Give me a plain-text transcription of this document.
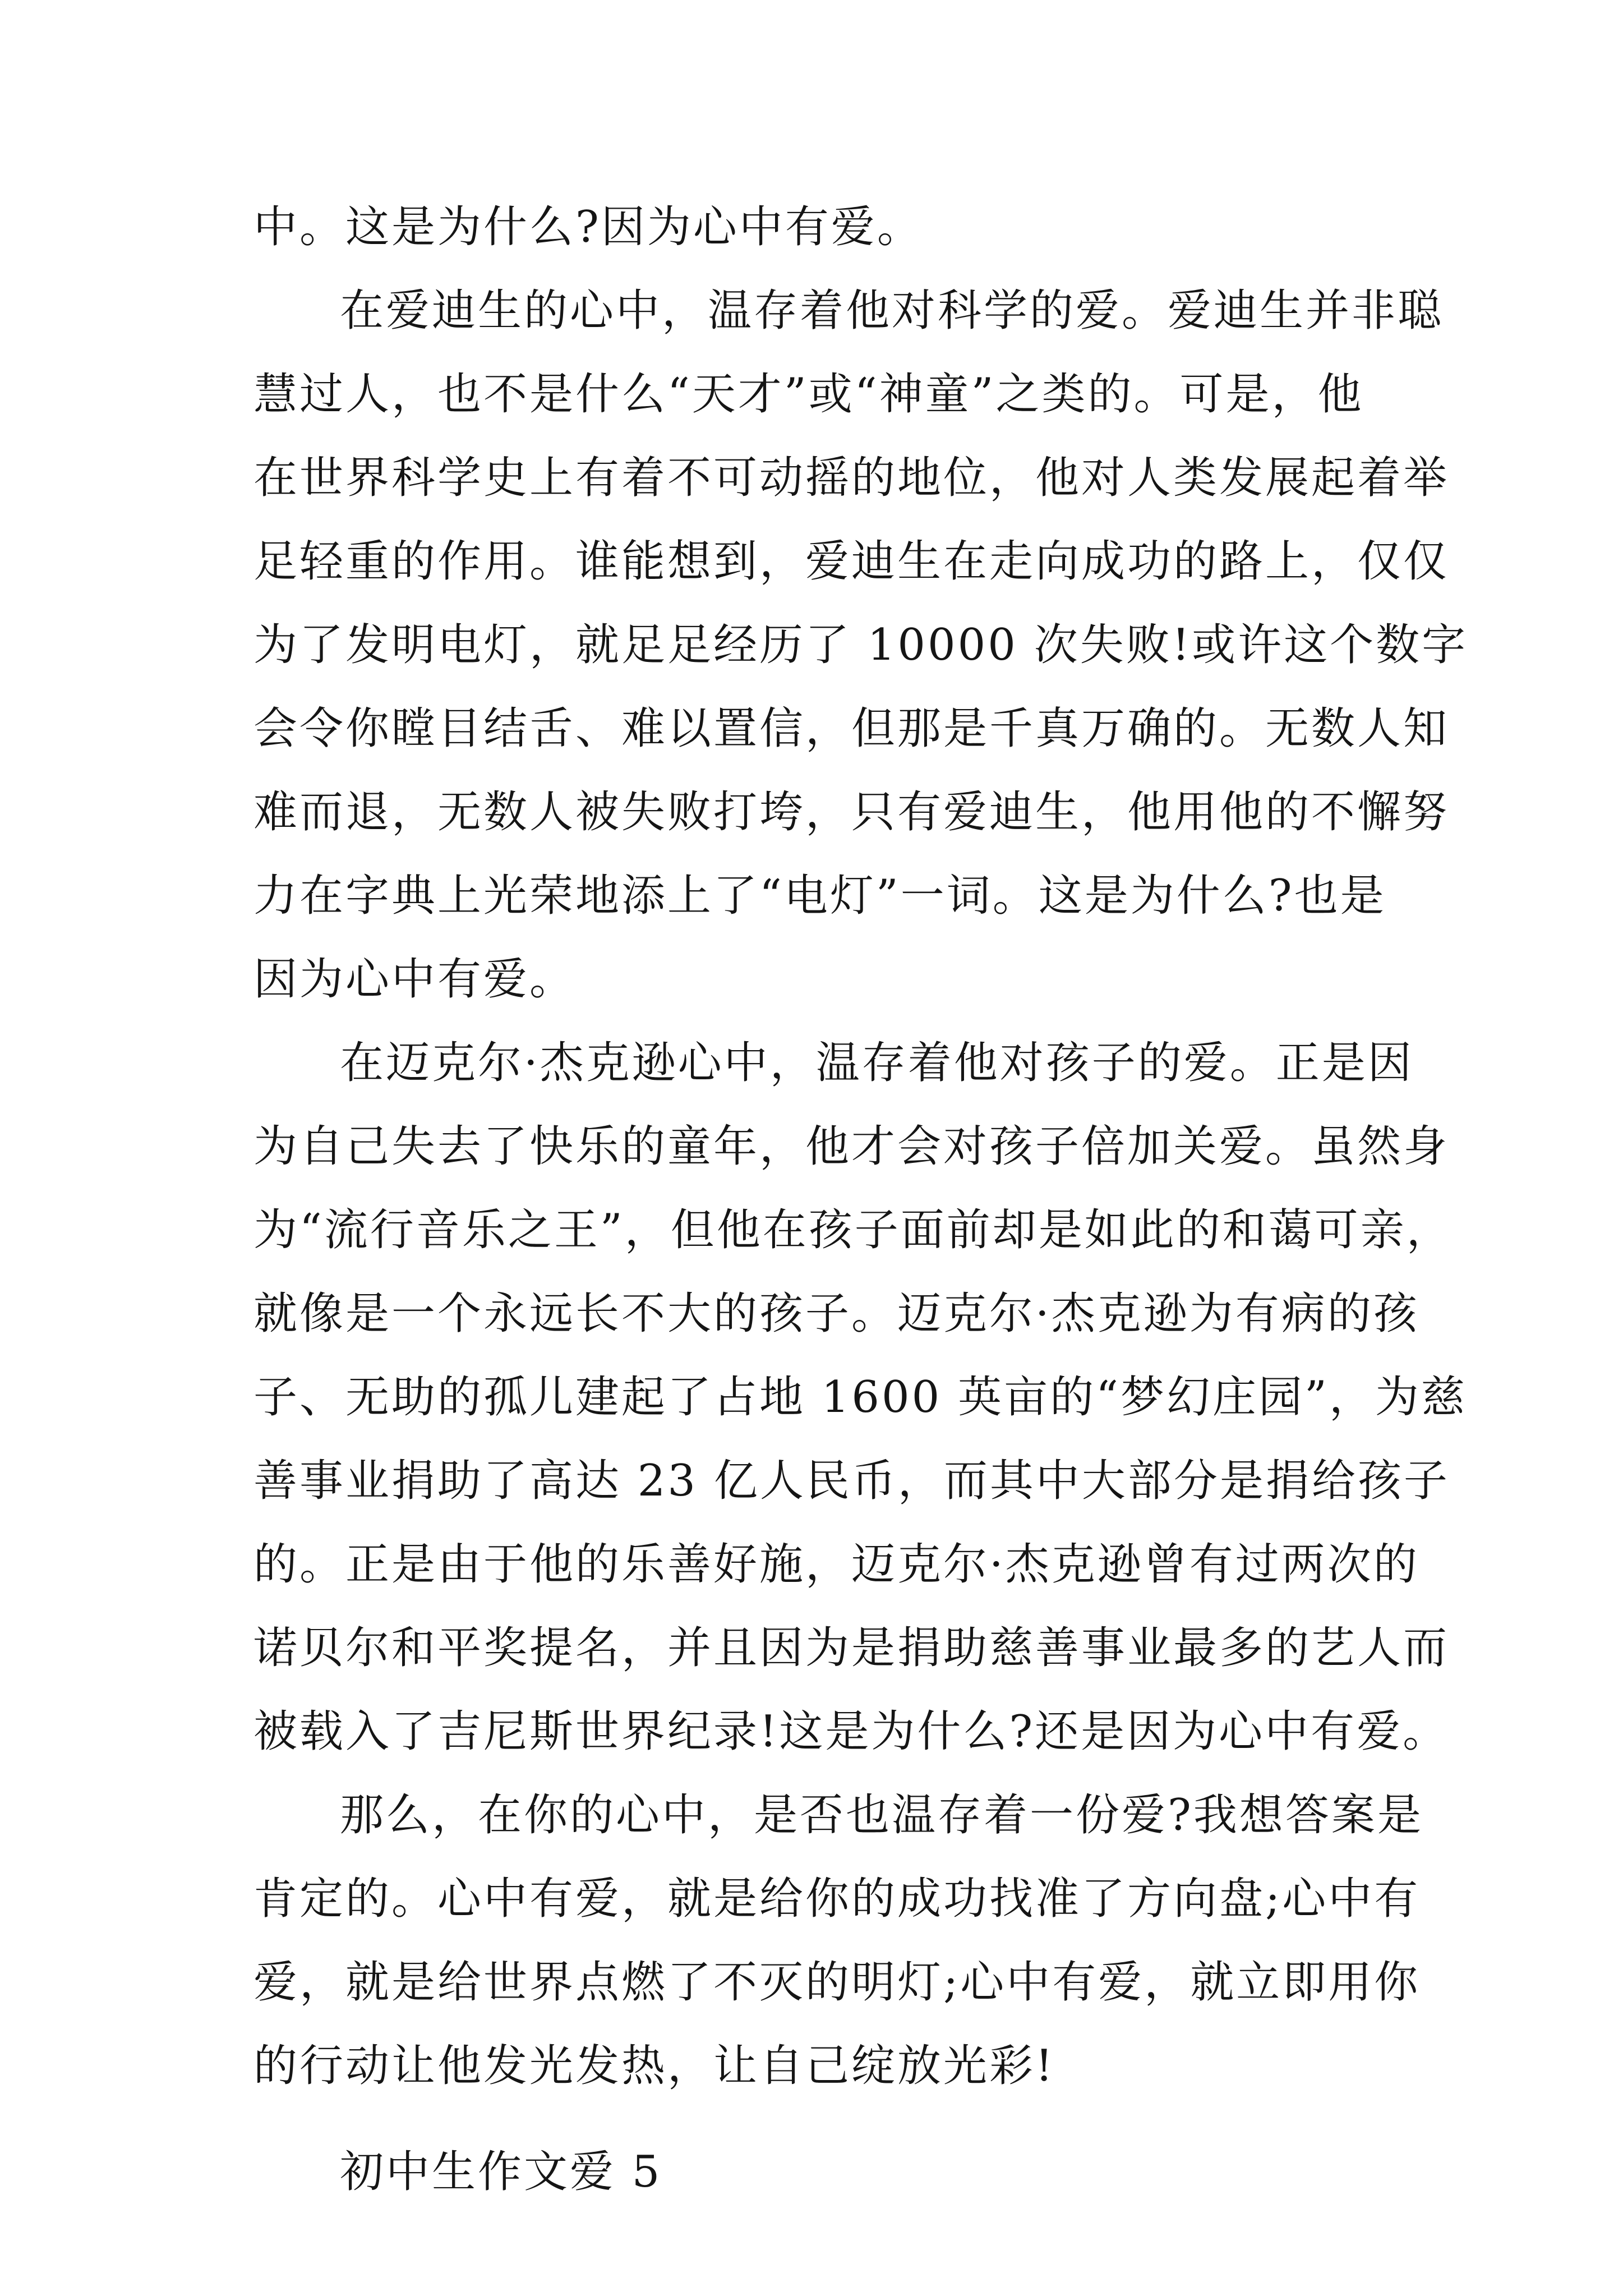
中。这是为什么?因为心中有爱。
在爱迪生的心中，温存着他对科学的爱。爱迪生并非聪
慧过人，也不是什么“天才”或“神童”之类的。可是，他
在世界科学史上有着不可动摇的地位，他对人类发展起着举
足轻重的作用。谁能想到，爱迪生在走向成功的路上，仅仅
为了发明电灯，就足足经历了 10000 次失败!或许这个数字
会令你瞠目结舌、难以置信，但那是千真万确的。无数人知
难而退，无数人被失败打垮，只有爱迪生，他用他的不懈努
力在字典上光荣地添上了“电灯”一词。这是为什么?也是
因为心中有爱。
在迈克尔·杰克逊心中，温存着他对孩子的爱。正是因
为自己失去了快乐的童年，他才会对孩子倍加关爱。虽然身
为“流行音乐之王”，但他在孩子面前却是如此的和蔼可亲，
就像是一个永远长不大的孩子。迈克尔·杰克逊为有病的孩
子、无助的孤儿建起了占地 1600 英亩的“梦幻庄园”，为慈
善事业捐助了高达 23 亿人民币，而其中大部分是捐给孩子
的。正是由于他的乐善好施，迈克尔·杰克逊曾有过两次的
诺贝尔和平奖提名，并且因为是捐助慈善事业最多的艺人而
被载入了吉尼斯世界纪录!这是为什么?还是因为心中有爱。
那么，在你的心中，是否也温存着一份爱?我想答案是
肯定的。心中有爱，就是给你的成功找准了方向盘;心中有
爱，就是给世界点燃了不灭的明灯;心中有爱，就立即用你
的行动让他发光发热，让自己绽放光彩!
初中生作文爱 5
